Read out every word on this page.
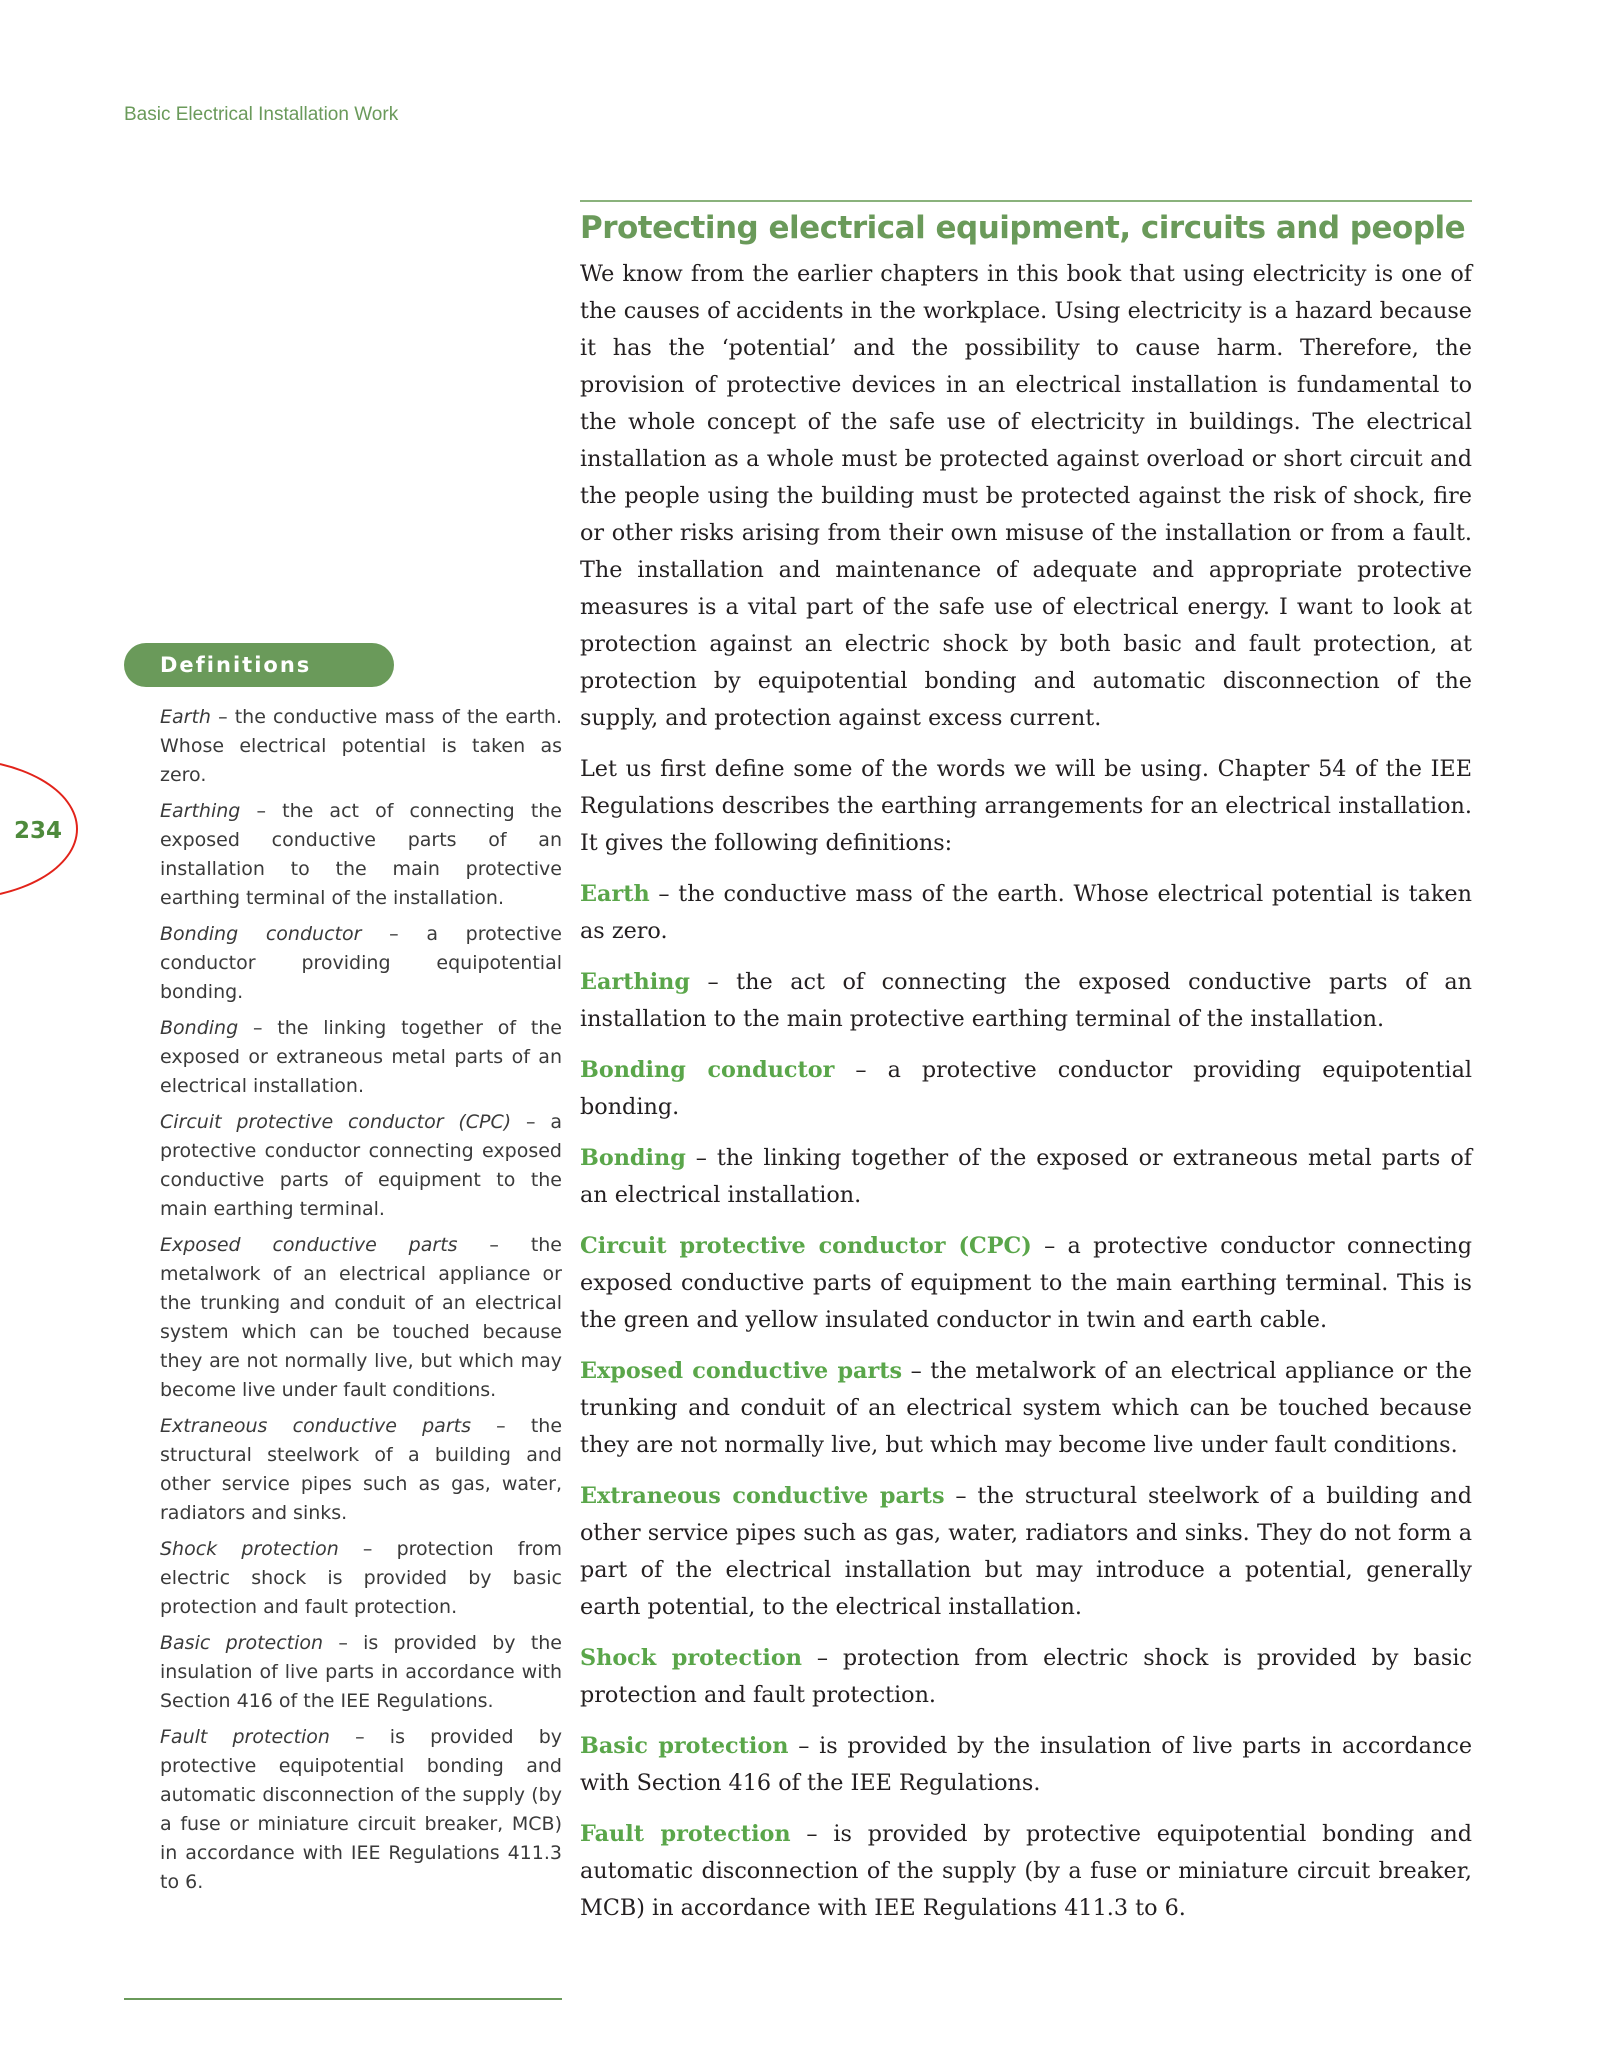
Basic Electrical Installation Work
234
Definitions

Earth – the conductive mass of the earth. Whose electrical potential is taken as zero.

Earthing – the act of connecting the exposed conductive parts of an installation to the main protective earthing terminal of the installation.

Bonding conductor – a protective conductor providing equipotential bonding.

Bonding – the linking together of the exposed or extraneous metal parts of an electrical installation.

Circuit protective conductor (CPC) – a protective conductor connecting exposed conductive parts of equipment to the main earthing terminal.

Exposed conductive parts – the metalwork of an electrical appliance or the trunking and conduit of an electrical system which can be touched because they are not normally live, but which may become live under fault conditions.

Extraneous conductive parts – the structural steelwork of a building and other service pipes such as gas, water, radiators and sinks.

Shock protection – protection from electric shock is provided by basic protection and fault protection.

Basic protection – is provided by the insulation of live parts in accordance with Section 416 of the IEE Regulations.

Fault protection – is provided by protective equipotential bonding and automatic disconnection of the supply (by a fuse or miniature circuit breaker, MCB) in accordance with IEE Regulations 411.3 to 6.

Protecting electrical equipment, circuits and people

We know from the earlier chapters in this book that using electricity is one of the causes of accidents in the workplace. Using electricity is a hazard because it has the ‘potential’ and the possibility to cause harm. Therefore, the provision of protective devices in an electrical installation is fundamental to the whole concept of the safe use of electricity in buildings. The electrical installation as a whole must be protected against overload or short circuit and the people using the building must be protected against the risk of shock, fire or other risks arising from their own misuse of the installation or from a fault. The installation and maintenance of adequate and appropriate protective measures is a vital part of the safe use of electrical energy. I want to look at protection against an electric shock by both basic and fault protection, at protection by equipotential bonding and automatic disconnection of the supply, and protection against excess current.

Let us first define some of the words we will be using. Chapter 54 of the IEE Regulations describes the earthing arrangements for an electrical installation. It gives the following definitions:

Earth – the conductive mass of the earth. Whose electrical potential is taken as zero.

Earthing – the act of connecting the exposed conductive parts of an installation to the main protective earthing terminal of the installation.

Bonding conductor – a protective conductor providing equipotential bonding.

Bonding – the linking together of the exposed or extraneous metal parts of an electrical installation.

Circuit protective conductor (CPC) – a protective conductor connecting exposed conductive parts of equipment to the main earthing terminal. This is the green and yellow insulated conductor in twin and earth cable.

Exposed conductive parts – the metalwork of an electrical appliance or the trunking and conduit of an electrical system which can be touched because they are not normally live, but which may become live under fault conditions.

Extraneous conductive parts – the structural steelwork of a building and other service pipes such as gas, water, radiators and sinks. They do not form a part of the electrical installation but may introduce a potential, generally earth potential, to the electrical installation.

Shock protection – protection from electric shock is provided by basic protection and fault protection.

Basic protection – is provided by the insulation of live parts in accordance with Section 416 of the IEE Regulations.

Fault protection – is provided by protective equipotential bonding and automatic disconnection of the supply (by a fuse or miniature circuit breaker, MCB) in accordance with IEE Regulations 411.3 to 6.
